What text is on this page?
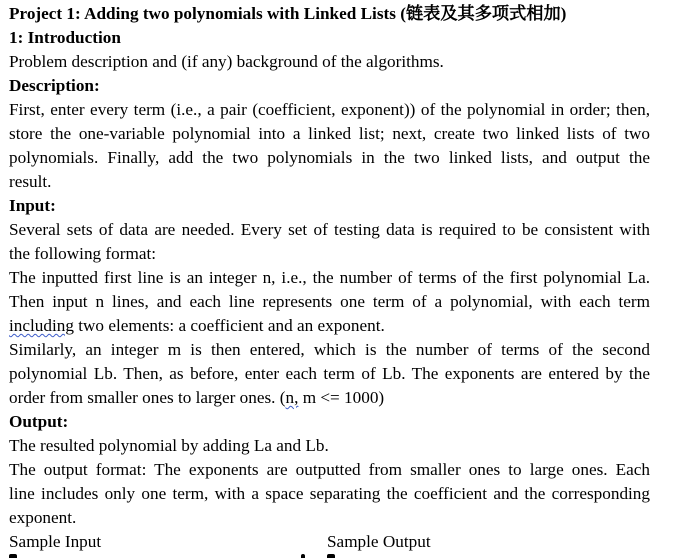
Project 1: Adding two polynomials with Linked Lists (链表及其多项式相加)
1: Introduction
Problem description and (if any) background of the algorithms.
Description:
First, enter every term (i.e., a pair (coefficient, exponent)) of the polynomial in order; then,
store the one-variable polynomial into a linked list; next, create two linked lists of two
polynomials. Finally, add the two polynomials in the two linked lists, and output the
result.
Input:
Several sets of data are needed. Every set of testing data is required to be consistent with
the following format:
The inputted first line is an integer n, i.e., the number of terms of the first polynomial La.
Then input n lines, and each line represents one term of a polynomial, with each term
including two elements: a coefficient and an exponent.
Similarly, an integer m is then entered, which is the number of terms of the second
polynomial Lb. Then, as before, enter each term of Lb. The exponents are entered by the
order from smaller ones to larger ones. (n, m <= 1000)
Output:
The resulted polynomial by adding La and Lb.
The output format: The exponents are outputted from smaller ones to large ones. Each
line includes only one term, with a space separating the coefficient and the corresponding
exponent.
Sample Input	Sample Output
